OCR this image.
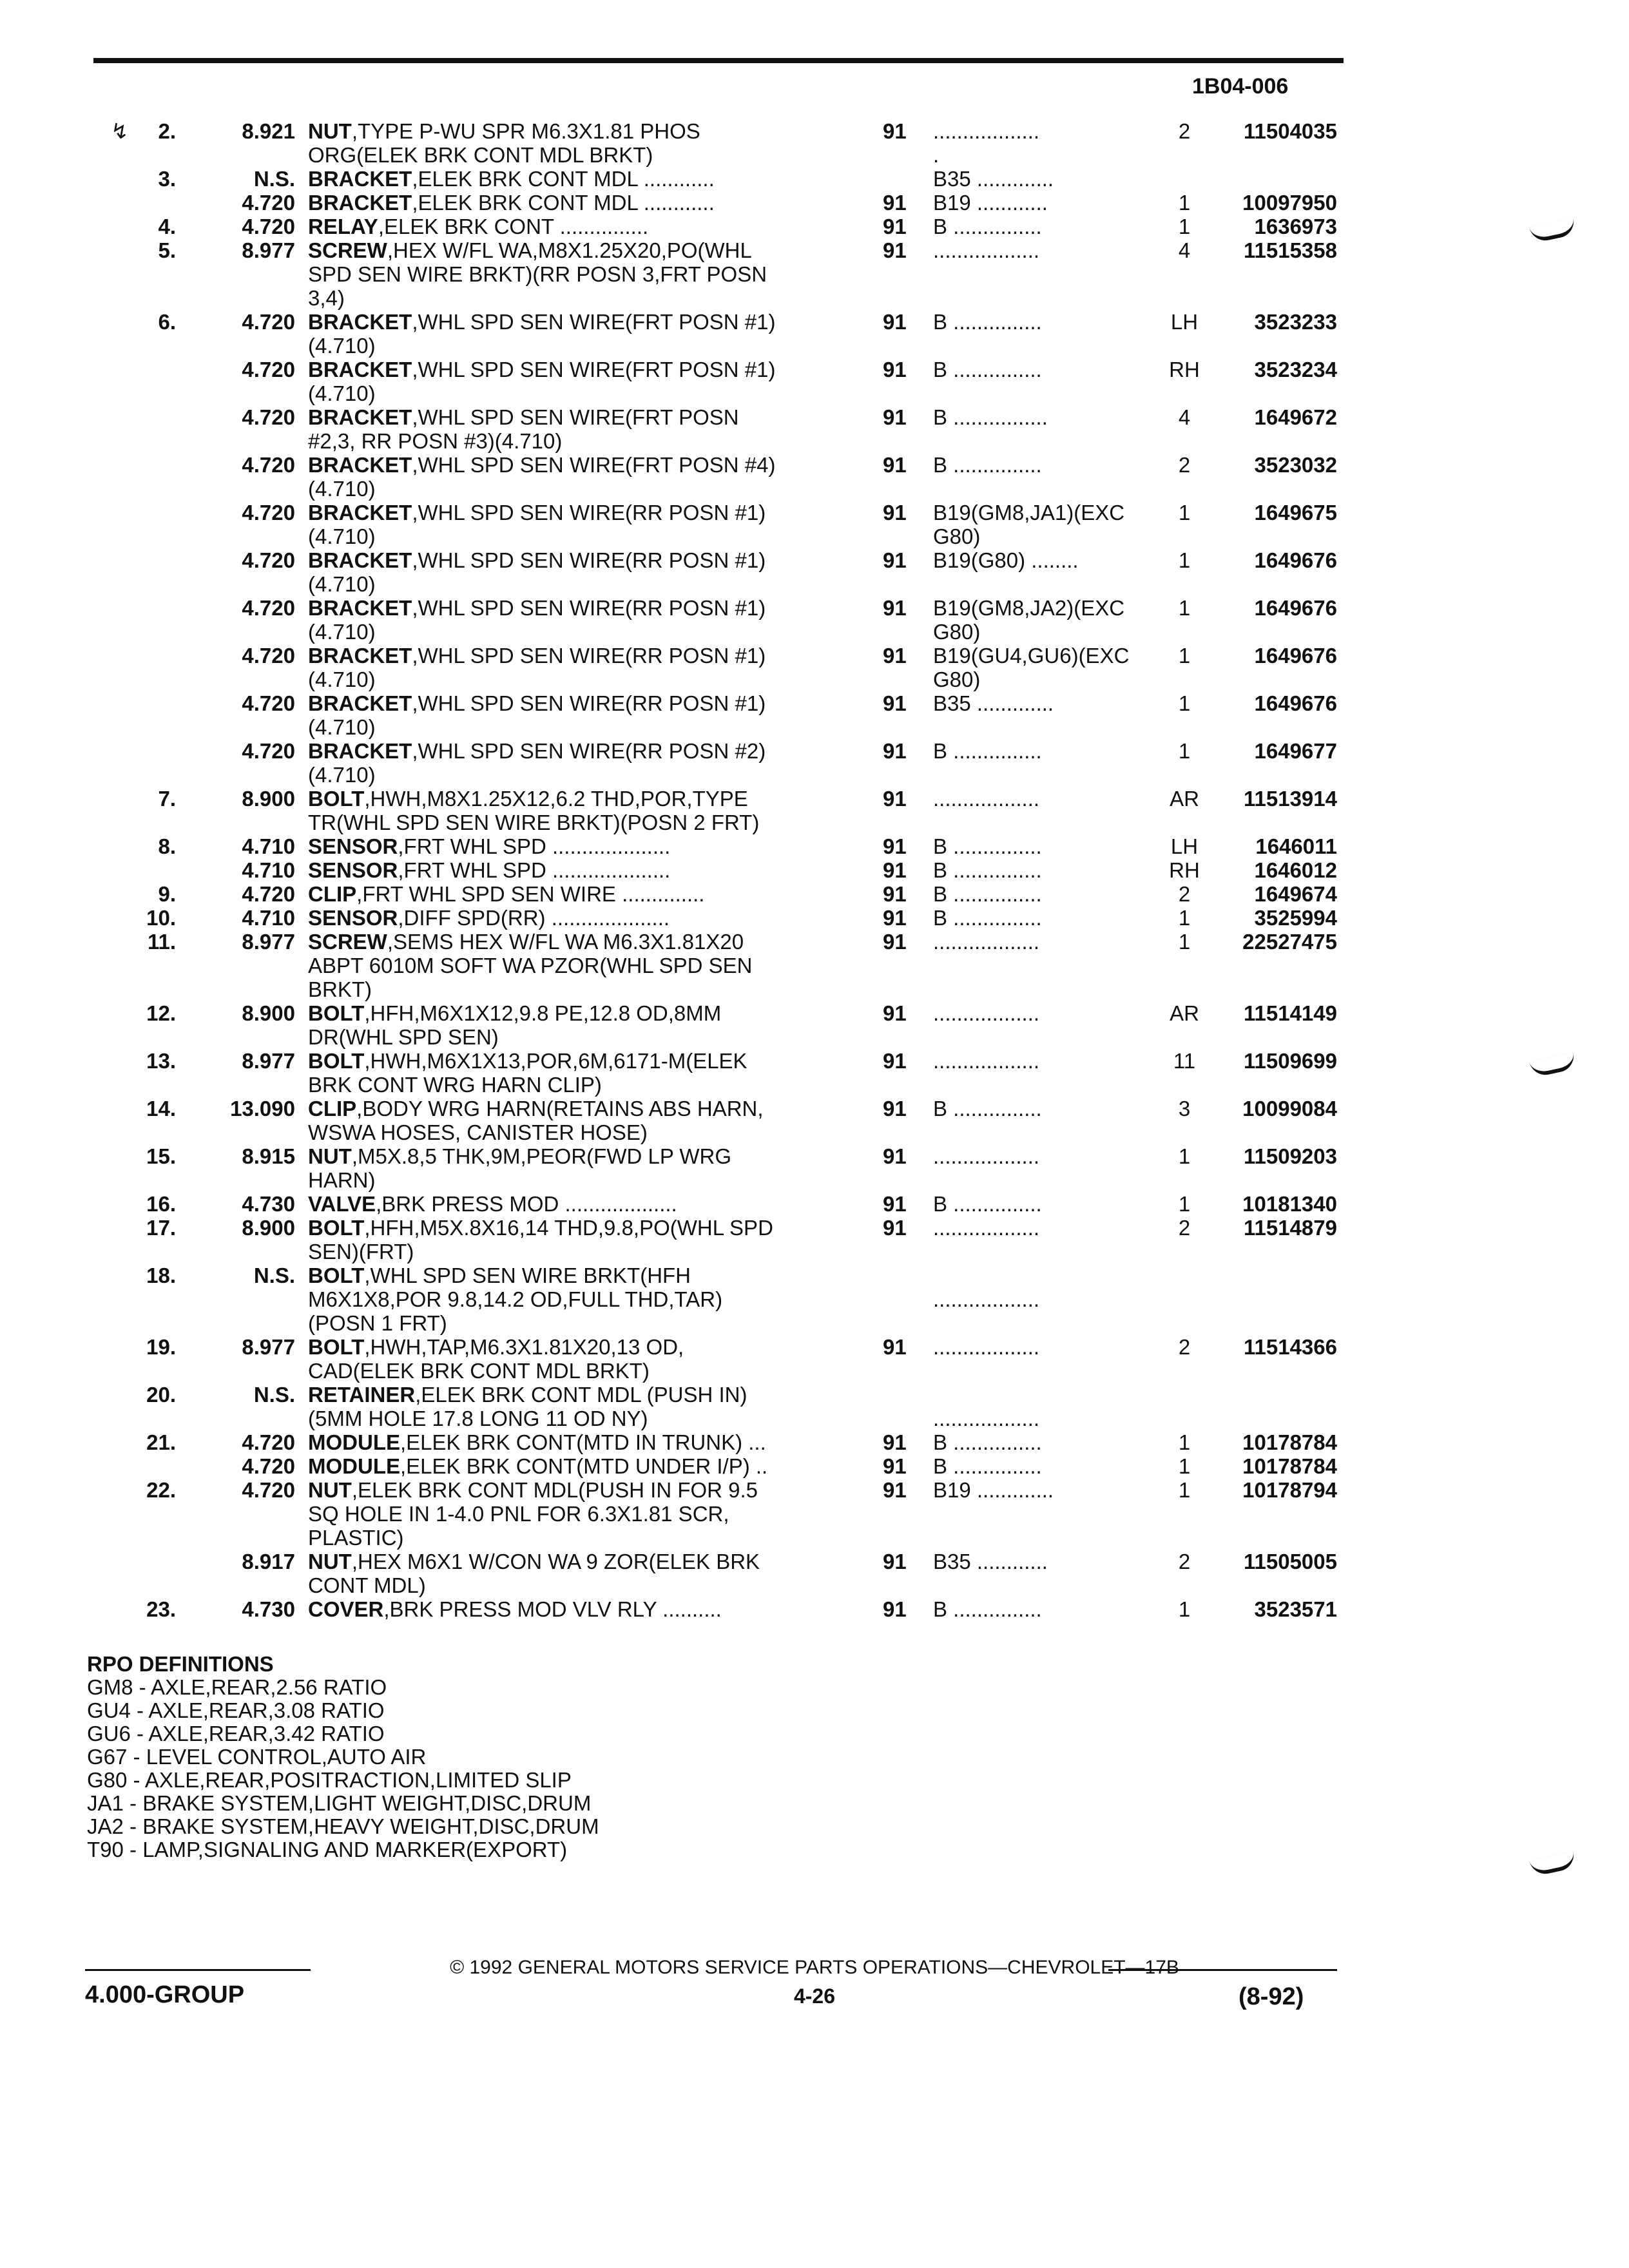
1B04-006
↯	2.	8.921 NUT,TYPE P-WU SPR M6.3X1.81 PHOS	91 ..................	2	11504035
ORG(ELEK BRK CONT MDL BRKT)	.
3.	N.S. BRACKET,ELEK BRK CONT MDL ............	B35 .............
4.720 BRACKET,ELEK BRK CONT MDL ............	91 B19 ............	1	10097950
4.	4.720 RELAY,ELEK BRK CONT ...............	91 B ...............	1	1636973
5.	8.977 SCREW,HEX W/FL WA,M8X1.25X20,PO(WHL	91 ..................	4	11515358
SPD SEN WIRE BRKT)(RR POSN 3,FRT POSN
3,4)
6.	4.720 BRACKET,WHL SPD SEN WIRE(FRT POSN #1)	91 B ...............	LH	3523233
(4.710)
4.720 BRACKET,WHL SPD SEN WIRE(FRT POSN #1)	91 B ...............	RH	3523234
(4.710)
4.720 BRACKET,WHL SPD SEN WIRE(FRT POSN	91 B ................	4	1649672
#2,3, RR POSN #3)(4.710)
4.720 BRACKET,WHL SPD SEN WIRE(FRT POSN #4)	91 B ...............	2	3523032
(4.710)
4.720 BRACKET,WHL SPD SEN WIRE(RR POSN #1)	91 B19(GM8,JA1)(EXC	1	1649675
(4.710)	G80)
4.720 BRACKET,WHL SPD SEN WIRE(RR POSN #1)	91 B19(G80) ........	1	1649676
(4.710)
4.720 BRACKET,WHL SPD SEN WIRE(RR POSN #1)	91 B19(GM8,JA2)(EXC	1	1649676
(4.710)	G80)
4.720 BRACKET,WHL SPD SEN WIRE(RR POSN #1)	91 B19(GU4,GU6)(EXC	1	1649676
(4.710)	G80)
4.720 BRACKET,WHL SPD SEN WIRE(RR POSN #1)	91 B35 .............	1	1649676
(4.710)
4.720 BRACKET,WHL SPD SEN WIRE(RR POSN #2)	91 B ...............	1	1649677
(4.710)
7.	8.900 BOLT,HWH,M8X1.25X12,6.2 THD,POR,TYPE	91 ..................	AR	11513914
TR(WHL SPD SEN WIRE BRKT)(POSN 2 FRT)
8.	4.710 SENSOR,FRT WHL SPD ....................	91 B ...............	LH	1646011
4.710 SENSOR,FRT WHL SPD ....................	91 B ...............	RH	1646012
9.	4.720 CLIP,FRT WHL SPD SEN WIRE ..............	91 B ...............	2	1649674
10.	4.710 SENSOR,DIFF SPD(RR) ....................	91 B ...............	1	3525994
11.	8.977 SCREW,SEMS HEX W/FL WA M6.3X1.81X20	91 ..................	1	22527475
ABPT 6010M SOFT WA PZOR(WHL SPD SEN
BRKT)
12.	8.900 BOLT,HFH,M6X1X12,9.8 PE,12.8 OD,8MM	91 ..................	AR	11514149
DR(WHL SPD SEN)
13.	8.977 BOLT,HWH,M6X1X13,POR,6M,6171-M(ELEK	91 ..................	11	11509699
BRK CONT WRG HARN CLIP)
14.	13.090 CLIP,BODY WRG HARN(RETAINS ABS HARN,	91 B ...............	3	10099084
WSWA HOSES, CANISTER HOSE)
15.	8.915 NUT,M5X.8,5 THK,9M,PEOR(FWD LP WRG	91 ..................	1	11509203
HARN)
16.	4.730 VALVE,BRK PRESS MOD ...................	91 B ...............	1	10181340
17.	8.900 BOLT,HFH,M5X.8X16,14 THD,9.8,PO(WHL SPD	91 ..................	2	11514879
SEN)(FRT)
18.	N.S. BOLT,WHL SPD SEN WIRE BRKT(HFH
M6X1X8,POR 9.8,14.2 OD,FULL THD,TAR)	..................
(POSN 1 FRT)
19.	8.977 BOLT,HWH,TAP,M6.3X1.81X20,13 OD,	91 ..................	2	11514366
CAD(ELEK BRK CONT MDL BRKT)
20.	N.S. RETAINER,ELEK BRK CONT MDL (PUSH IN)
(5MM HOLE 17.8 LONG 11 OD NY)	..................
21.	4.720 MODULE,ELEK BRK CONT(MTD IN TRUNK) ...	91 B ...............	1	10178784
4.720 MODULE,ELEK BRK CONT(MTD UNDER I/P) ..	91 B ...............	1	10178784
22.	4.720 NUT,ELEK BRK CONT MDL(PUSH IN FOR 9.5	91 B19 .............	1	10178794
SQ HOLE IN 1-4.0 PNL FOR 6.3X1.81 SCR,
PLASTIC)
8.917 NUT,HEX M6X1 W/CON WA 9 ZOR(ELEK BRK	91 B35 ............	2	11505005
CONT MDL)
23.	4.730 COVER,BRK PRESS MOD VLV RLY ..........	91 B ...............	1	3523571
RPO DEFINITIONS
GM8 - AXLE,REAR,2.56 RATIO
GU4 - AXLE,REAR,3.08 RATIO
GU6 - AXLE,REAR,3.42 RATIO
G67 - LEVEL CONTROL,AUTO AIR
G80 - AXLE,REAR,POSITRACTION,LIMITED SLIP
JA1 - BRAKE SYSTEM,LIGHT WEIGHT,DISC,DRUM
JA2 - BRAKE SYSTEM,HEAVY WEIGHT,DISC,DRUM
T90 - LAMP,SIGNALING AND MARKER(EXPORT)
© 1992 GENERAL MOTORS SERVICE PARTS OPERATIONS—CHEVROLET—17B
4.000-GROUP	4-26	(8-92)
